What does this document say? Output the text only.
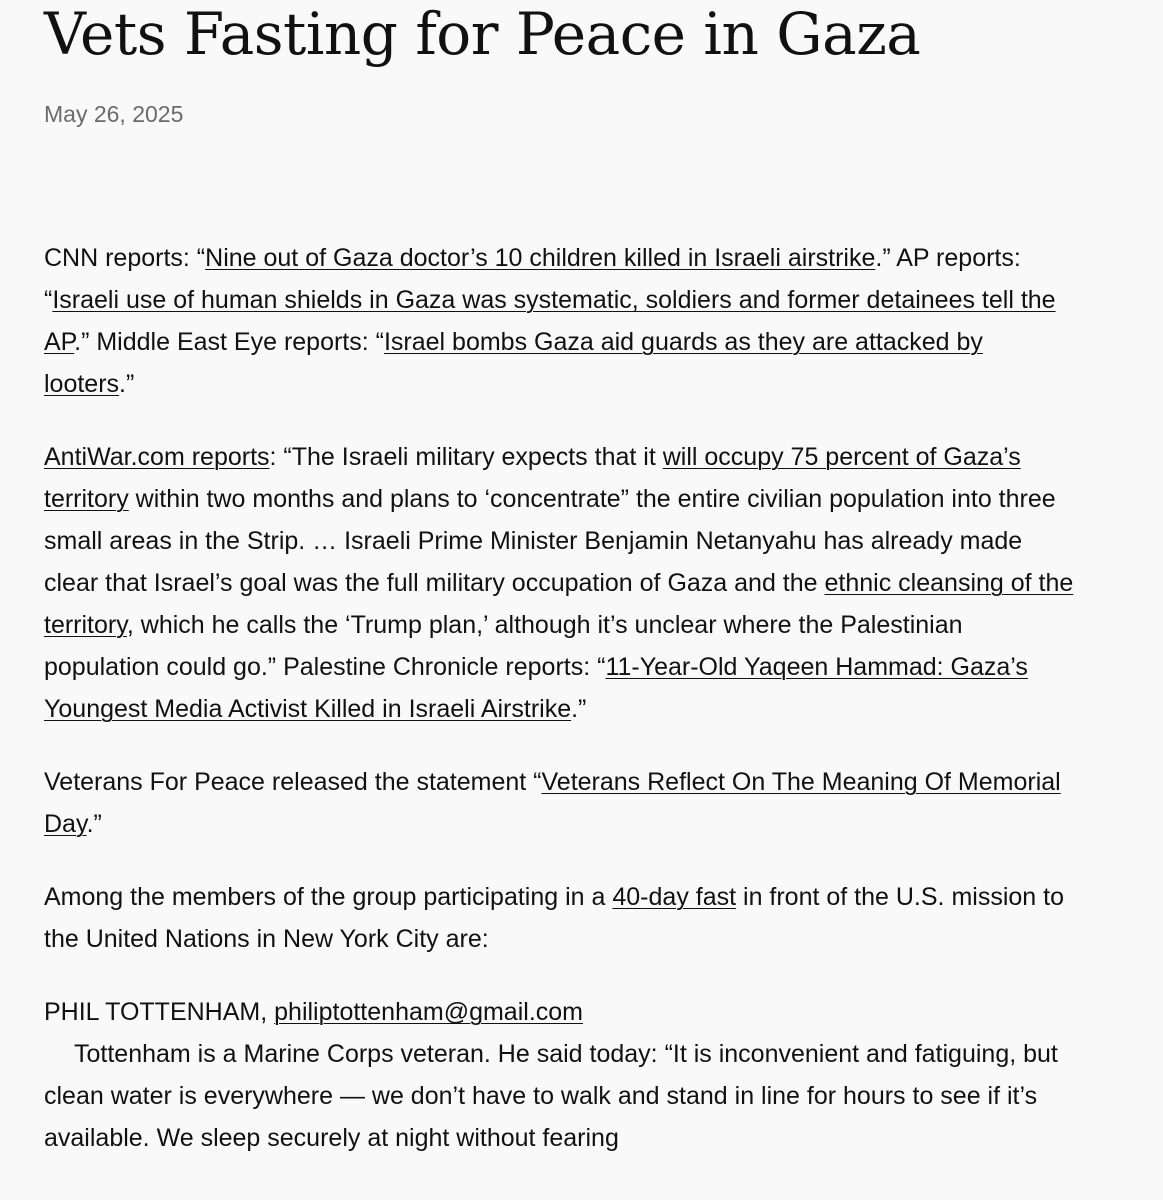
Vets Fasting for Peace in Gaza
May 26, 2025

CNN reports: “Nine out of Gaza doctor’s 10 children killed in Israeli airstrike.” AP reports: “Israeli use of human shields in Gaza was systematic, soldiers and former detainees tell the AP.” Middle East Eye reports: “Israel bombs Gaza aid guards as they are attacked by looters.”

AntiWar.com reports: “The Israeli military expects that it will occupy 75 percent of Gaza’s territory within two months and plans to ‘concentrate” the entire civilian population into three small areas in the Strip. … Israeli Prime Minister Benjamin Netanyahu has already made clear that Israel’s goal was the full military occupation of Gaza and the ethnic cleansing of the territory, which he calls the ‘Trump plan,’ although it’s unclear where the Palestinian population could go.” Palestine Chronicle reports: “11-Year-Old Yaqeen Hammad: Gaza’s Youngest Media Activist Killed in Israeli Airstrike.”

Veterans For Peace released the statement “Veterans Reflect On The Meaning Of Memorial Day.”

Among the members of the group participating in a 40-day fast in front of the U.S. mission to the United Nations in New York City are:

PHIL TOTTENHAM, philiptottenham@gmail.com
Tottenham is a Marine Corps veteran. He said today: “It is inconvenient and fatiguing, but clean water is everywhere — we don’t have to walk and stand in line for hours to see if it’s available. We sleep securely at night without fearing
